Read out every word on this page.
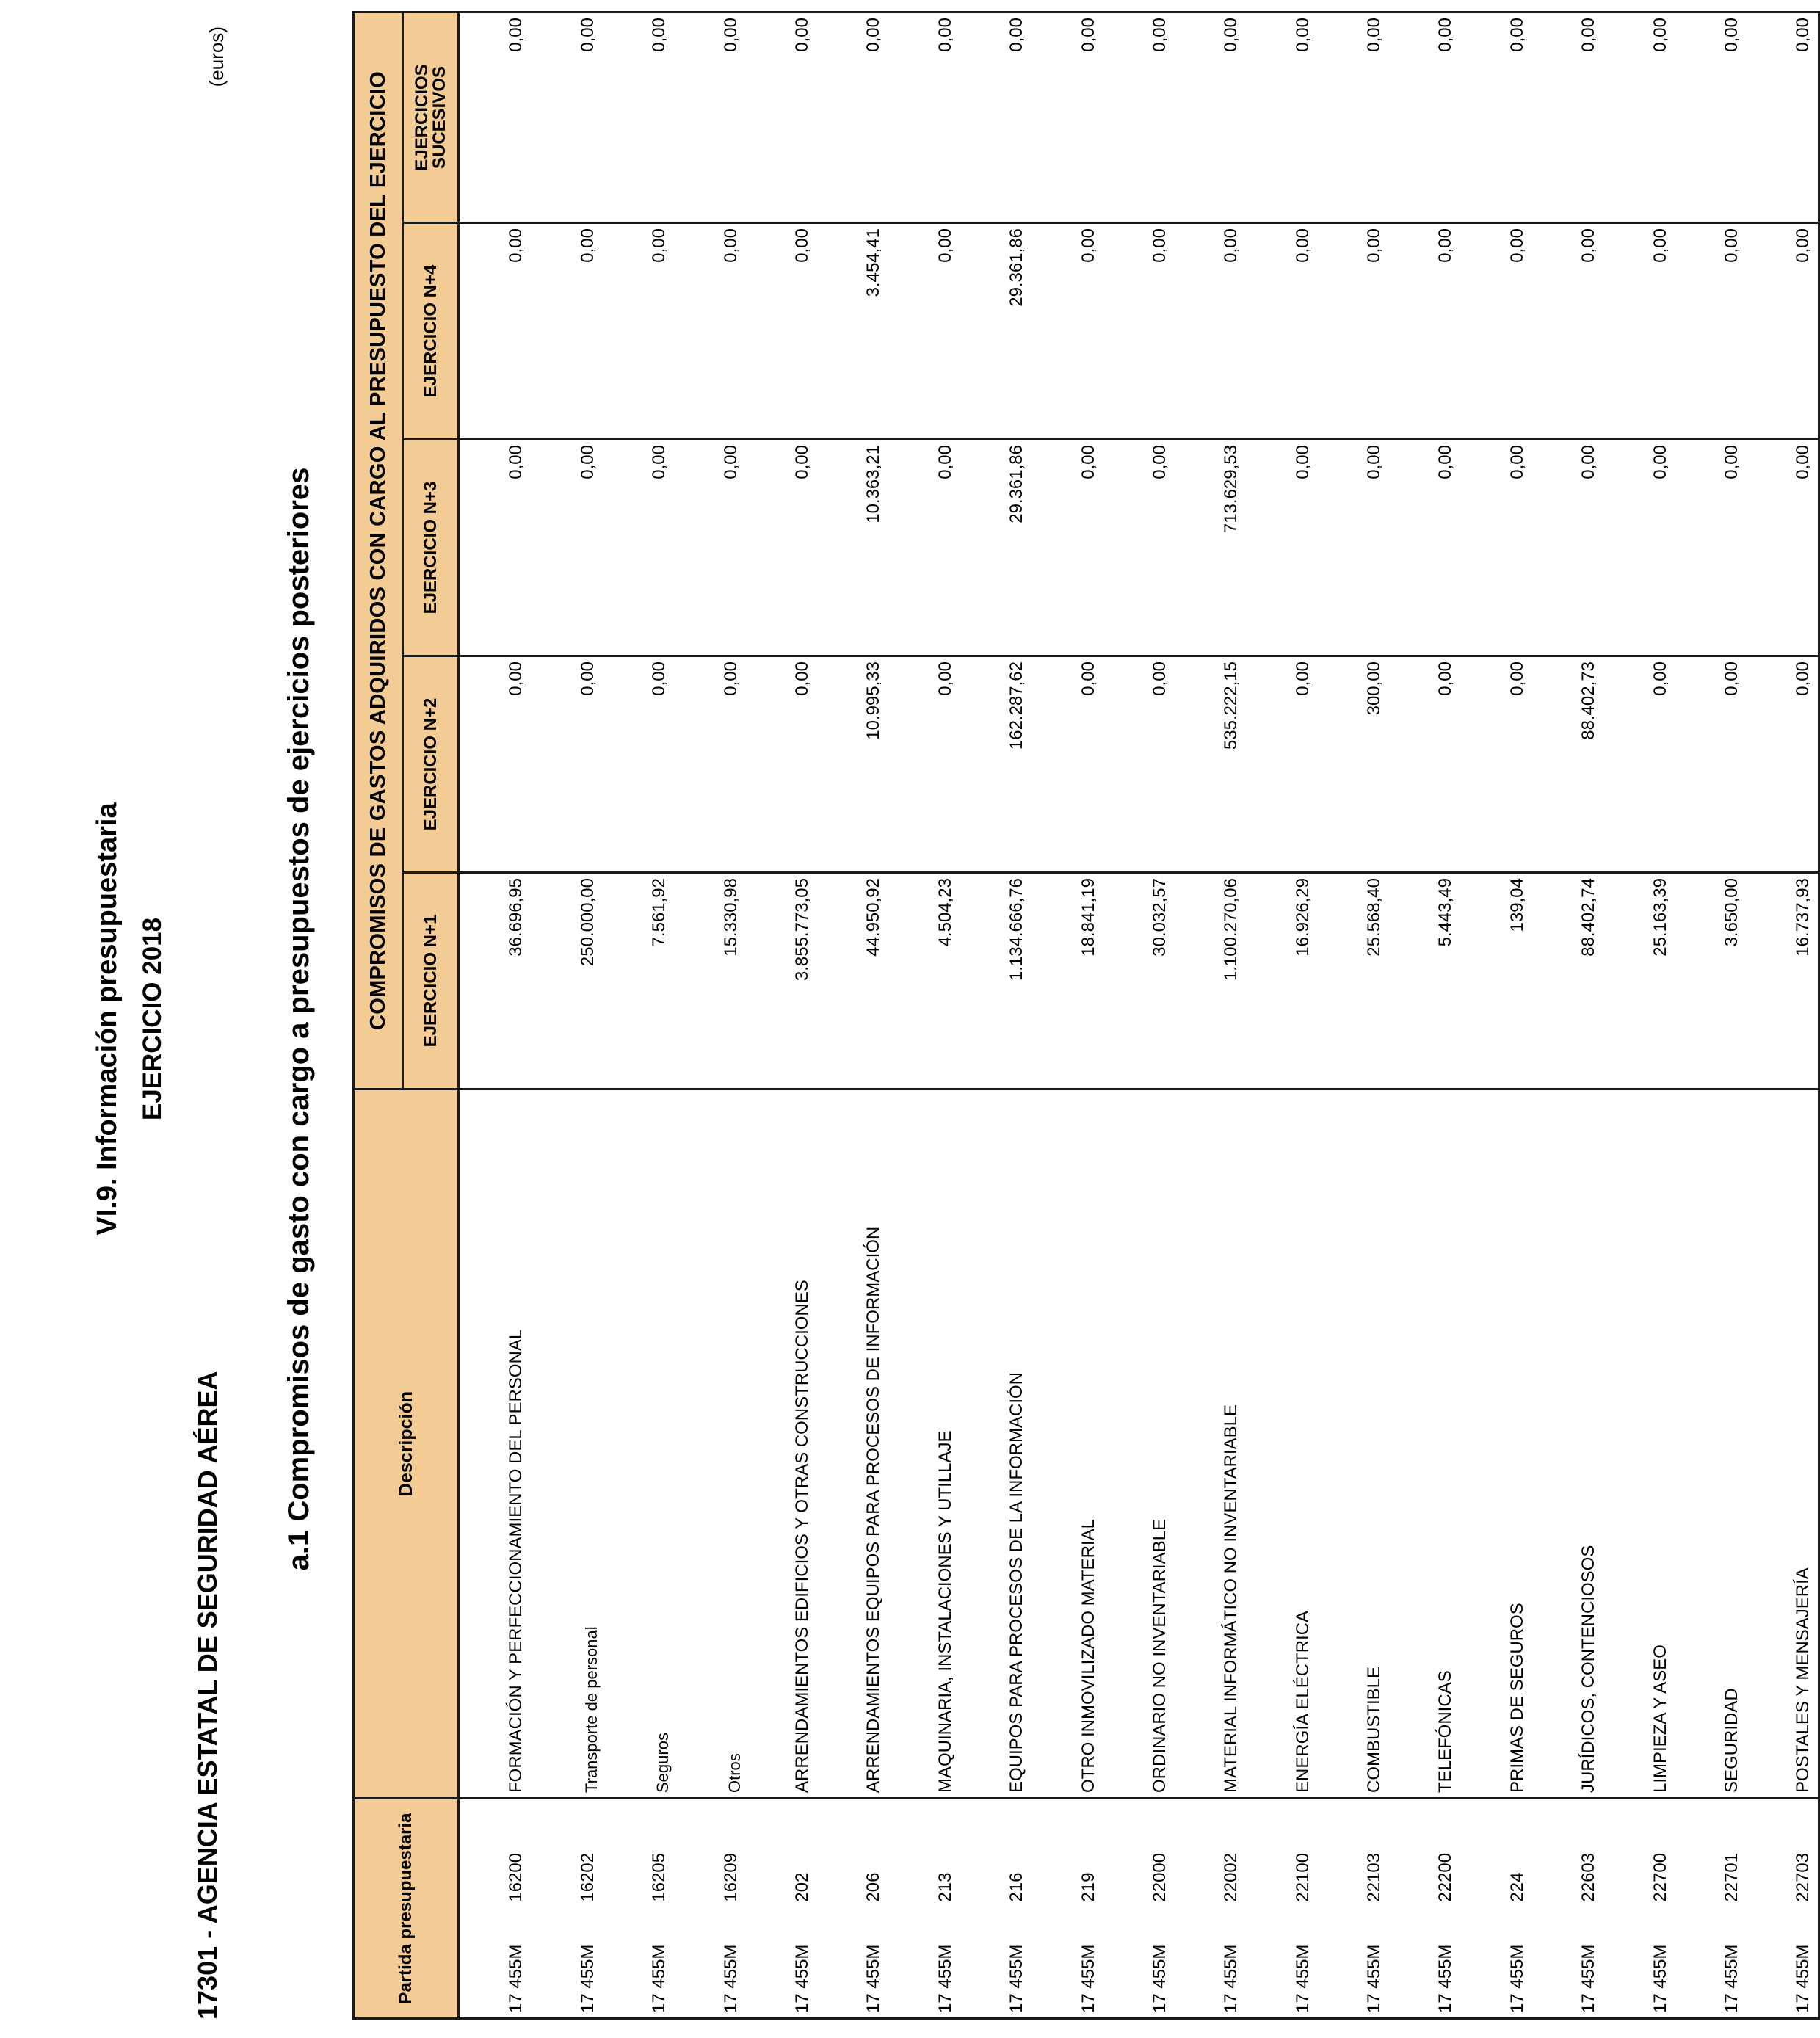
VI.9. Información presupuestaria EJERCICIO 2018
17301 - AGENCIA ESTATAL DE SEGURIDAD AÉREA
(euros)
a.1 Compromisos de gasto con cargo a presupuestos de ejercicios posteriores
Partida presupuestaria	Descripción	COMPROMISOS DE GASTOS ADQUIRIDOS CON CARGO AL PRESUPUESTO DEL EJERCICIO				
		EJERCICIO N+1	EJERCICIO N+2	EJERCICIO N+3	EJERCICIO N+4	EJERCICIOS
SUCESIVOS
17 455M16200	FORMACIÓN Y PERFECCIONAMIENTO DEL PERSONAL	36.696,95	0,00	0,00	0,00	0,00
17 455M16202	Transporte de personal	250.000,00	0,00	0,00	0,00	0,00
17 455M16205	Seguros	7.561,92	0,00	0,00	0,00	0,00
17 455M16209	Otros	15.330,98	0,00	0,00	0,00	0,00
17 455M202	ARRENDAMIENTOS EDIFICIOS Y OTRAS CONSTRUCCIONES	3.855.773,05	0,00	0,00	0,00	0,00
17 455M206	ARRENDAMIENTOS EQUIPOS PARA PROCESOS DE INFORMACIÓN	44.950,92	10.995,33	10.363,21	3.454,41	0,00
17 455M213	MAQUINARIA, INSTALACIONES Y UTILLAJE	4.504,23	0,00	0,00	0,00	0,00
17 455M216	EQUIPOS PARA PROCESOS DE LA INFORMACIÓN	1.134.666,76	162.287,62	29.361,86	29.361,86	0,00
17 455M219	OTRO INMOVILIZADO MATERIAL	18.841,19	0,00	0,00	0,00	0,00
17 455M22000	ORDINARIO NO INVENTARIABLE	30.032,57	0,00	0,00	0,00	0,00
17 455M22002	MATERIAL INFORMÁTICO NO INVENTARIABLE	1.100.270,06	535.222,15	713.629,53	0,00	0,00
17 455M22100	ENERGÍA ELÉCTRICA	16.926,29	0,00	0,00	0,00	0,00
17 455M22103	COMBUSTIBLE	25.568,40	300,00	0,00	0,00	0,00
17 455M22200	TELEFÓNICAS	5.443,49	0,00	0,00	0,00	0,00
17 455M224	PRIMAS DE SEGUROS	139,04	0,00	0,00	0,00	0,00
17 455M22603	JURÍDICOS, CONTENCIOSOS	88.402,74	88.402,73	0,00	0,00	0,00
17 455M22700	LIMPIEZA Y ASEO	25.163,39	0,00	0,00	0,00	0,00
17 455M22701	SEGURIDAD	3.650,00	0,00	0,00	0,00	0,00
17 455M22703	POSTALES Y MENSAJERÍA	16.737,93	0,00	0,00	0,00	0,00
